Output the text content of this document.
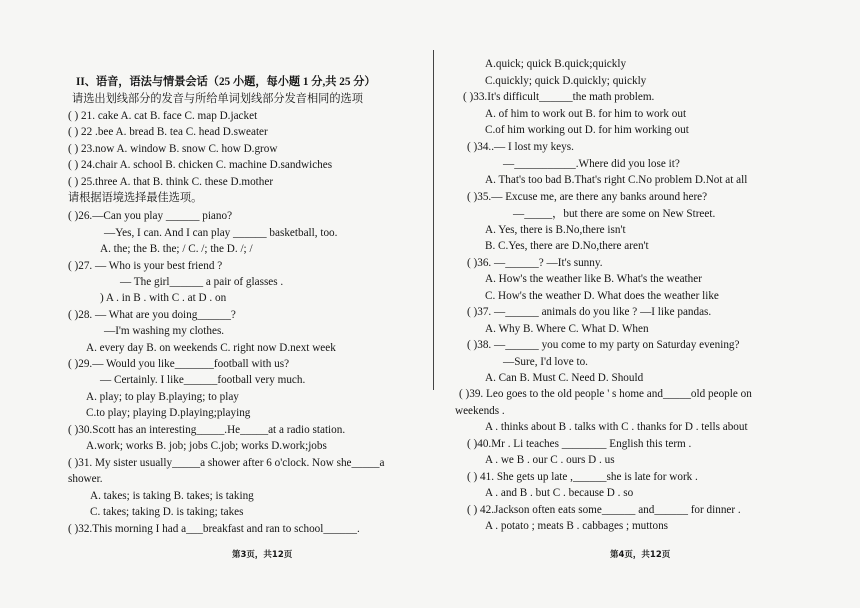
II、语音，语法与情景会话（25 小题，每小题 1 分,共 25 分）
请选出划线部分的发音与所给单词划线部分发音相同的选项
( ) 21. cake A. cat B. face C. map D.jacket
( ) 22 .bee A. bread B. tea C. head D.sweater
( ) 23.now A. window B. snow C. how D.grow
( ) 24.chair A. school B. chicken C. machine D.sandwiches
( ) 25.three A. that B. think C. these D.mother
请根据语境选择最佳选项。
( )26.—Can you play ______ piano?
—Yes, I can. And I can play ______ basketball, too.
A. the; the B. the; / C. /; the D. /; /
( )27. — Who is your best friend ?
— The girl______ a pair of glasses .
) A . in B . with C . at D . on
( )28. — What are you doing______?
—I'm washing my clothes.
A. every day B. on weekends C. right now D.next week
( )29.— Would you like_______football with us?
— Certainly. I like______football very much.
A. play; to play B.playing; to play
C.to play; playing D.playing;playing
( )30.Scott has an interesting_____.He_____at a radio station.
A.work; works B. job; jobs C.job; works D.work;jobs
( )31. My sister usually_____a shower after 6 o'clock. Now she_____a
shower.
A. takes; is taking B. takes; is taking
C. takes; taking D. is taking; takes
( )32.This morning I had a___breakfast and ran to school______.
A.quick; quick B.quick;quickly
C.quickly; quick D.quickly; quickly
( )33.It's difficult______the math problem.
A. of him to work out B. for him to work out
C.of him working out D. for him working out
( )34..— I lost my keys.
—___________.Where did you lose it?
A. That's too bad B.That's right C.No problem D.Not at all
( )35.— Excuse me, are there any banks around here?
—_____，but there are some on New Street.
A. Yes, there is B.No,there isn't
B. C.Yes, there are D.No,there aren't
( )36. —______? —It's sunny.
A. How's the weather like B. What's the weather
C. How's the weather D. What does the weather like
( )37. —______ animals do you like ? —I like pandas.
A. Why B. Where C. What D. When
( )38. —______ you come to my party on Saturday evening?
—Sure, I'd love to.
A. Can B. Must C. Need D. Should
( )39. Leo goes to the old people ' s home and_____old people on
weekends .
A . thinks about B . talks with C . thanks for D . tells about
( )40.Mr . Li teaches ________ English this term .
A . we B . our C . ours D . us
( ) 41. She gets up late ,______she is late for work .
A . and B . but C . because D . so
( ) 42.Jackson often eats some______ and______ for dinner .
A . potato ; meats B . cabbages ; muttons
第3页，共12页	第4页，共12页
